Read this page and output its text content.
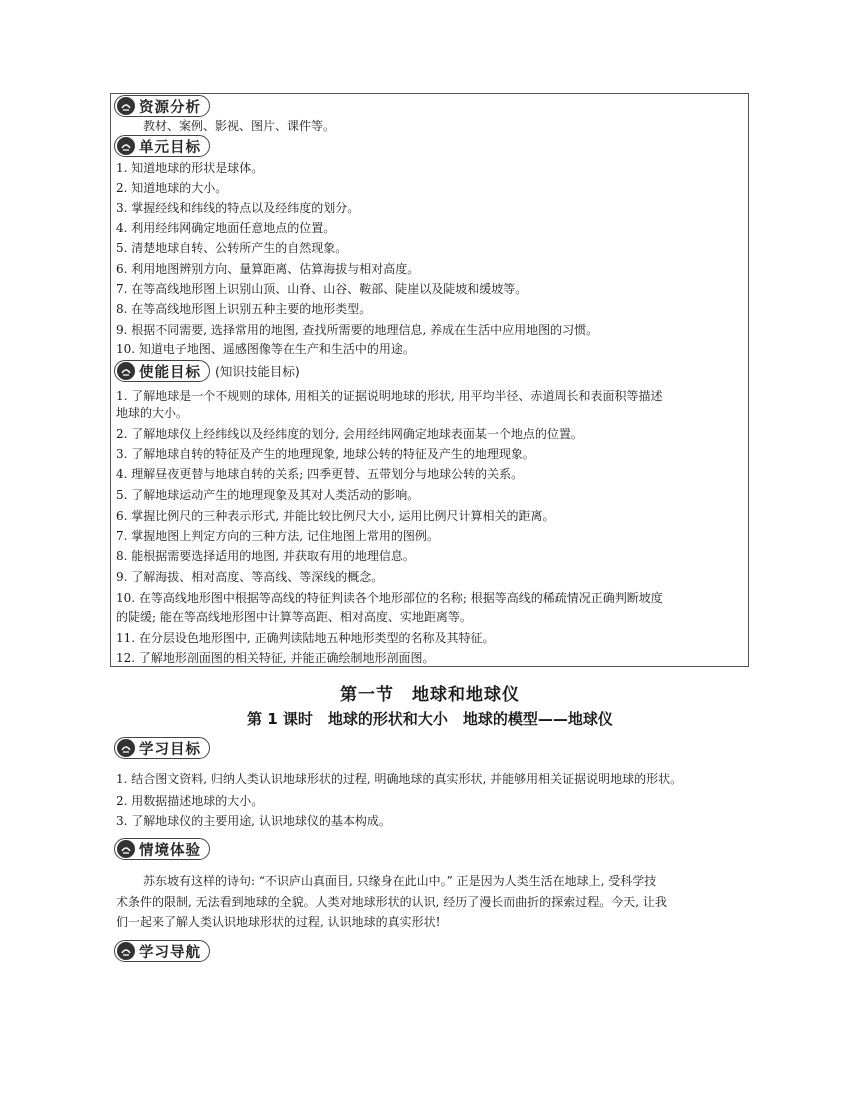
资源分析
教材、案例、影视、图片、课件等。
单元目标
1. 知道地球的形状是球体。
2. 知道地球的大小。
3. 掌握经线和纬线的特点以及经纬度的划分。
4. 利用经纬网确定地面任意地点的位置。
5. 清楚地球自转、公转所产生的自然现象。
6. 利用地图辨别方向、量算距离、估算海拔与相对高度。
7. 在等高线地形图上识别山顶、山脊、山谷、鞍部、陡崖以及陡坡和缓坡等。
8. 在等高线地形图上识别五种主要的地形类型。
9. 根据不同需要, 选择常用的地图, 查找所需要的地理信息, 养成在生活中应用地图的习惯。
10. 知道电子地图、遥感图像等在生产和生活中的用途。
使能目标 (知识技能目标)
1. 了解地球是一个不规则的球体, 用相关的证据说明地球的形状, 用平均半径、赤道周长和表面积等描述
地球的大小。
2. 了解地球仪上经纬线以及经纬度的划分, 会用经纬网确定地球表面某一个地点的位置。
3. 了解地球自转的特征及产生的地理现象, 地球公转的特征及产生的地理现象。
4. 理解昼夜更替与地球自转的关系; 四季更替、五带划分与地球公转的关系。
5. 了解地球运动产生的地理现象及其对人类活动的影响。
6. 掌握比例尺的三种表示形式, 并能比较比例尺大小, 运用比例尺计算相关的距离。
7. 掌握地图上判定方向的三种方法, 记住地图上常用的图例。
8. 能根据需要选择适用的地图, 并获取有用的地理信息。
9. 了解海拔、相对高度、等高线、等深线的概念。
10. 在等高线地形图中根据等高线的特征判读各个地形部位的名称; 根据等高线的稀疏情况正确判断坡度
的陡缓; 能在等高线地形图中计算等高距、相对高度、实地距离等。
11. 在分层设色地形图中, 正确判读陆地五种地形类型的名称及其特征。
12. 了解地形剖面图的相关特征, 并能正确绘制地形剖面图。
第一节　地球和地球仪
第 1 课时　地球的形状和大小　地球的模型——地球仪
学习目标
1. 结合图文资料, 归纳人类认识地球形状的过程, 明确地球的真实形状, 并能够用相关证据说明地球的形状。
2. 用数据描述地球的大小。
3. 了解地球仪的主要用途, 认识地球仪的基本构成。
情境体验
苏东坡有这样的诗句: “不识庐山真面目, 只缘身在此山中。” 正是因为人类生活在地球上, 受科学技
术条件的限制, 无法看到地球的全貌。人类对地球形状的认识, 经历了漫长而曲折的探索过程。今天, 让我
们一起来了解人类认识地球形状的过程, 认识地球的真实形状!
学习导航
